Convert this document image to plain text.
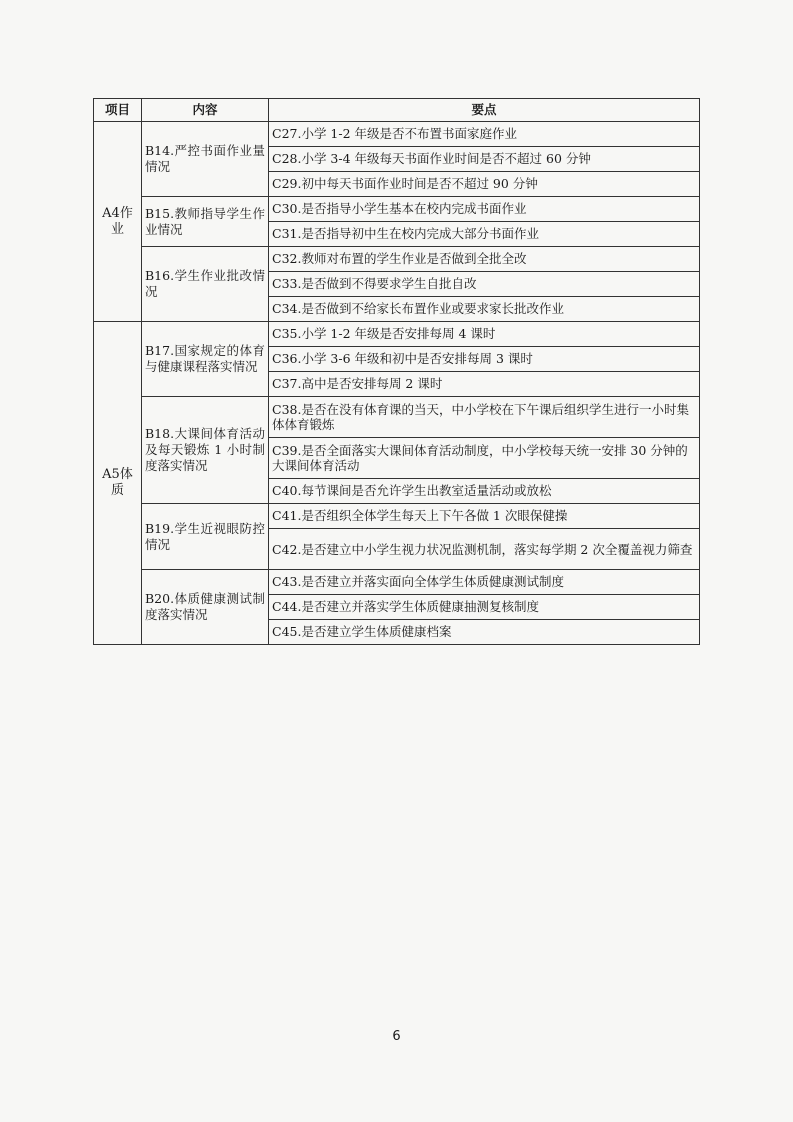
项目	内容	要点
A4作业	B14.严控书面作业量情况	C27.小学 1-2 年级是否不布置书面家庭作业
		C28.小学 3-4 年级每天书面作业时间是否不超过 60 分钟
		C29.初中每天书面作业时间是否不超过 90 分钟
	B15.教师指导学生作业情况	C30.是否指导小学生基本在校内完成书面作业
		C31.是否指导初中生在校内完成大部分书面作业
	B16.学生作业批改情况	C32.教师对布置的学生作业是否做到全批全改
		C33.是否做到不得要求学生自批自改
		C34.是否做到不给家长布置作业或要求家长批改作业
A5体质	B17.国家规定的体育与健康课程落实情况	C35.小学 1-2 年级是否安排每周 4 课时
		C36.小学 3-6 年级和初中是否安排每周 3 课时
		C37.高中是否安排每周 2 课时
	B18.大课间体育活动及每天锻炼 1 小时制度落实情况	C38.是否在没有体育课的当天，中小学校在下午课后组织学生进行一小时集体体育锻炼
		C39.是否全面落实大课间体育活动制度，中小学校每天统一安排 30 分钟的大课间体育活动
		C40.每节课间是否允许学生出教室适量活动或放松
	B19.学生近视眼防控情况	C41.是否组织全体学生每天上下午各做 1 次眼保健操
		C42.是否建立中小学生视力状况监测机制，落实每学期 2 次全覆盖视力筛查
	B20.体质健康测试制度落实情况	C43.是否建立并落实面向全体学生体质健康测试制度
		C44.是否建立并落实学生体质健康抽测复核制度
		C45.是否建立学生体质健康档案
6
